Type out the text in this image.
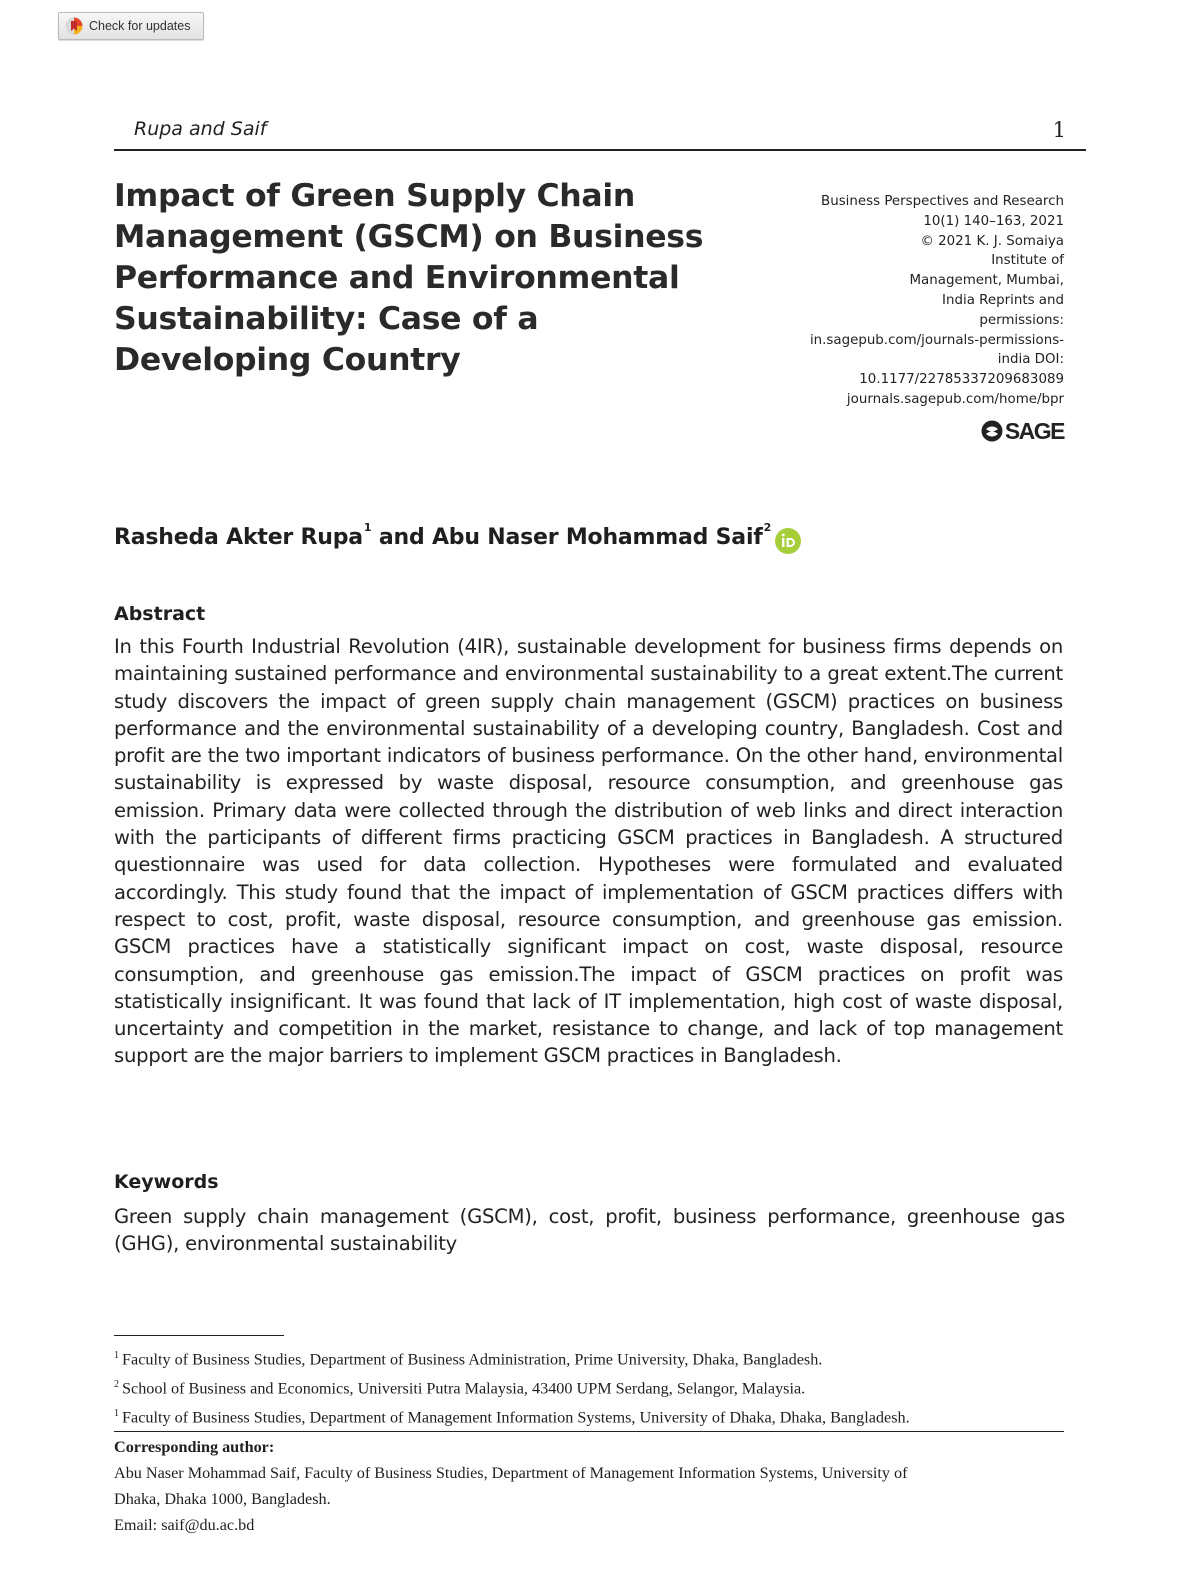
Check for updates
Rupa and Saif	1
Impact of Green Supply Chain Management (GSCM) on Business Performance and Environmental Sustainability: Case of a Developing Country
Business Perspectives and Research
10(1) 140–163, 2021
© 2021 K. J. Somaiya
Institute of
Management, Mumbai,
India Reprints and
permissions:
in.sagepub.com/journals-permissions-
india DOI:
10.1177/22785337209683089
journals.sagepub.com/home/bpr
SAGE
Rasheda Akter Rupa$^1$ and Abu Naser Mohammad Saif$^2$
Abstract

In this Fourth Industrial Revolution (4IR), sustainable development for business firms depends on maintaining sustained performance and environmental sustainability to a great extent.The current study discovers the impact of green supply chain management (GSCM) practices on business performance and the environmental sustainability of a developing country, Bangladesh. Cost and profit are the two important indicators of business performance. On the other hand, environmental sustainability is expressed by waste disposal, resource consumption, and greenhouse gas emission. Primary data were collected through the distribution of web links and direct interaction with the participants of different firms practicing GSCM practices in Bangladesh. A structured questionnaire was used for data collection. Hypotheses were formulated and evaluated accordingly. This study found that the impact of implementation of GSCM practices differs with respect to cost, profit, waste disposal, resource consumption, and greenhouse gas emission. GSCM practices have a statistically significant impact on cost, waste disposal, resource consumption, and greenhouse gas emission.The impact of GSCM practices on profit was statistically insignificant. It was found that lack of IT implementation, high cost of waste disposal, uncertainty and competition in the market, resistance to change, and lack of top management support are the major barriers to implement GSCM practices in Bangladesh.

Keywords

Green supply chain management (GSCM), cost, profit, business performance, greenhouse gas (GHG), environmental sustainability

$^1$ Faculty of Business Studies, Department of Business Administration, Prime University, Dhaka, Bangladesh.
$^2$ School of Business and Economics, Universiti Putra Malaysia, 43400 UPM Serdang, Selangor, Malaysia.
$^1$ Faculty of Business Studies, Department of Management Information Systems, University of Dhaka, Dhaka, Bangladesh.
Corresponding author:
Abu Naser Mohammad Saif, Faculty of Business Studies, Department of Management Information Systems, University of
Dhaka, Dhaka 1000, Bangladesh.
Email: saif@du.ac.bd
